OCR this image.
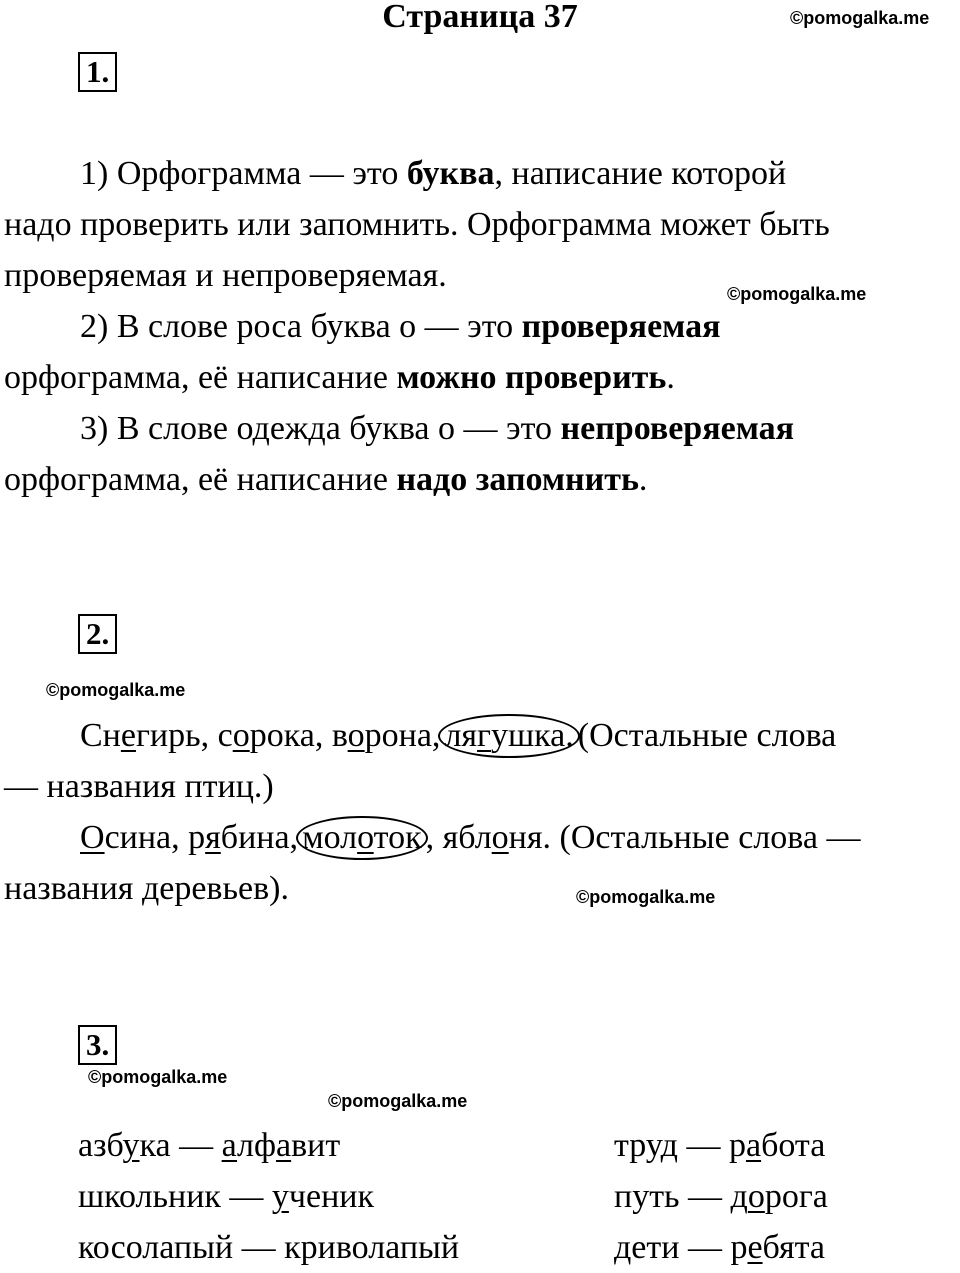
Страница 37	©pomogalka.me
1.
1) Орфограмма — это буква, написание которой
надо проверить или запомнить. Орфограмма может быть
проверяемая и непроверяемая.
2) В слове роса буква о — это проверяемая
орфограмма, её написание можно проверить.
3) В слове одежда буква о — это непроверяемая
орфограмма, её написание надо запомнить.
©pomogalka.me
2.
©pomogalka.me
Снегирь, сорока, ворона, лягушка. (Остальные слова
— названия птиц.)
Осина, рябина, молоток , яблоня. (Остальные слова —
названия деревьев).	©pomogalka.me
3.
©pomogalka.me
©pomogalka.me
азбука — алфавит
школьник — ученик
косолапый — криволапый
труд — работа
путь — дорога
дети — ребята
